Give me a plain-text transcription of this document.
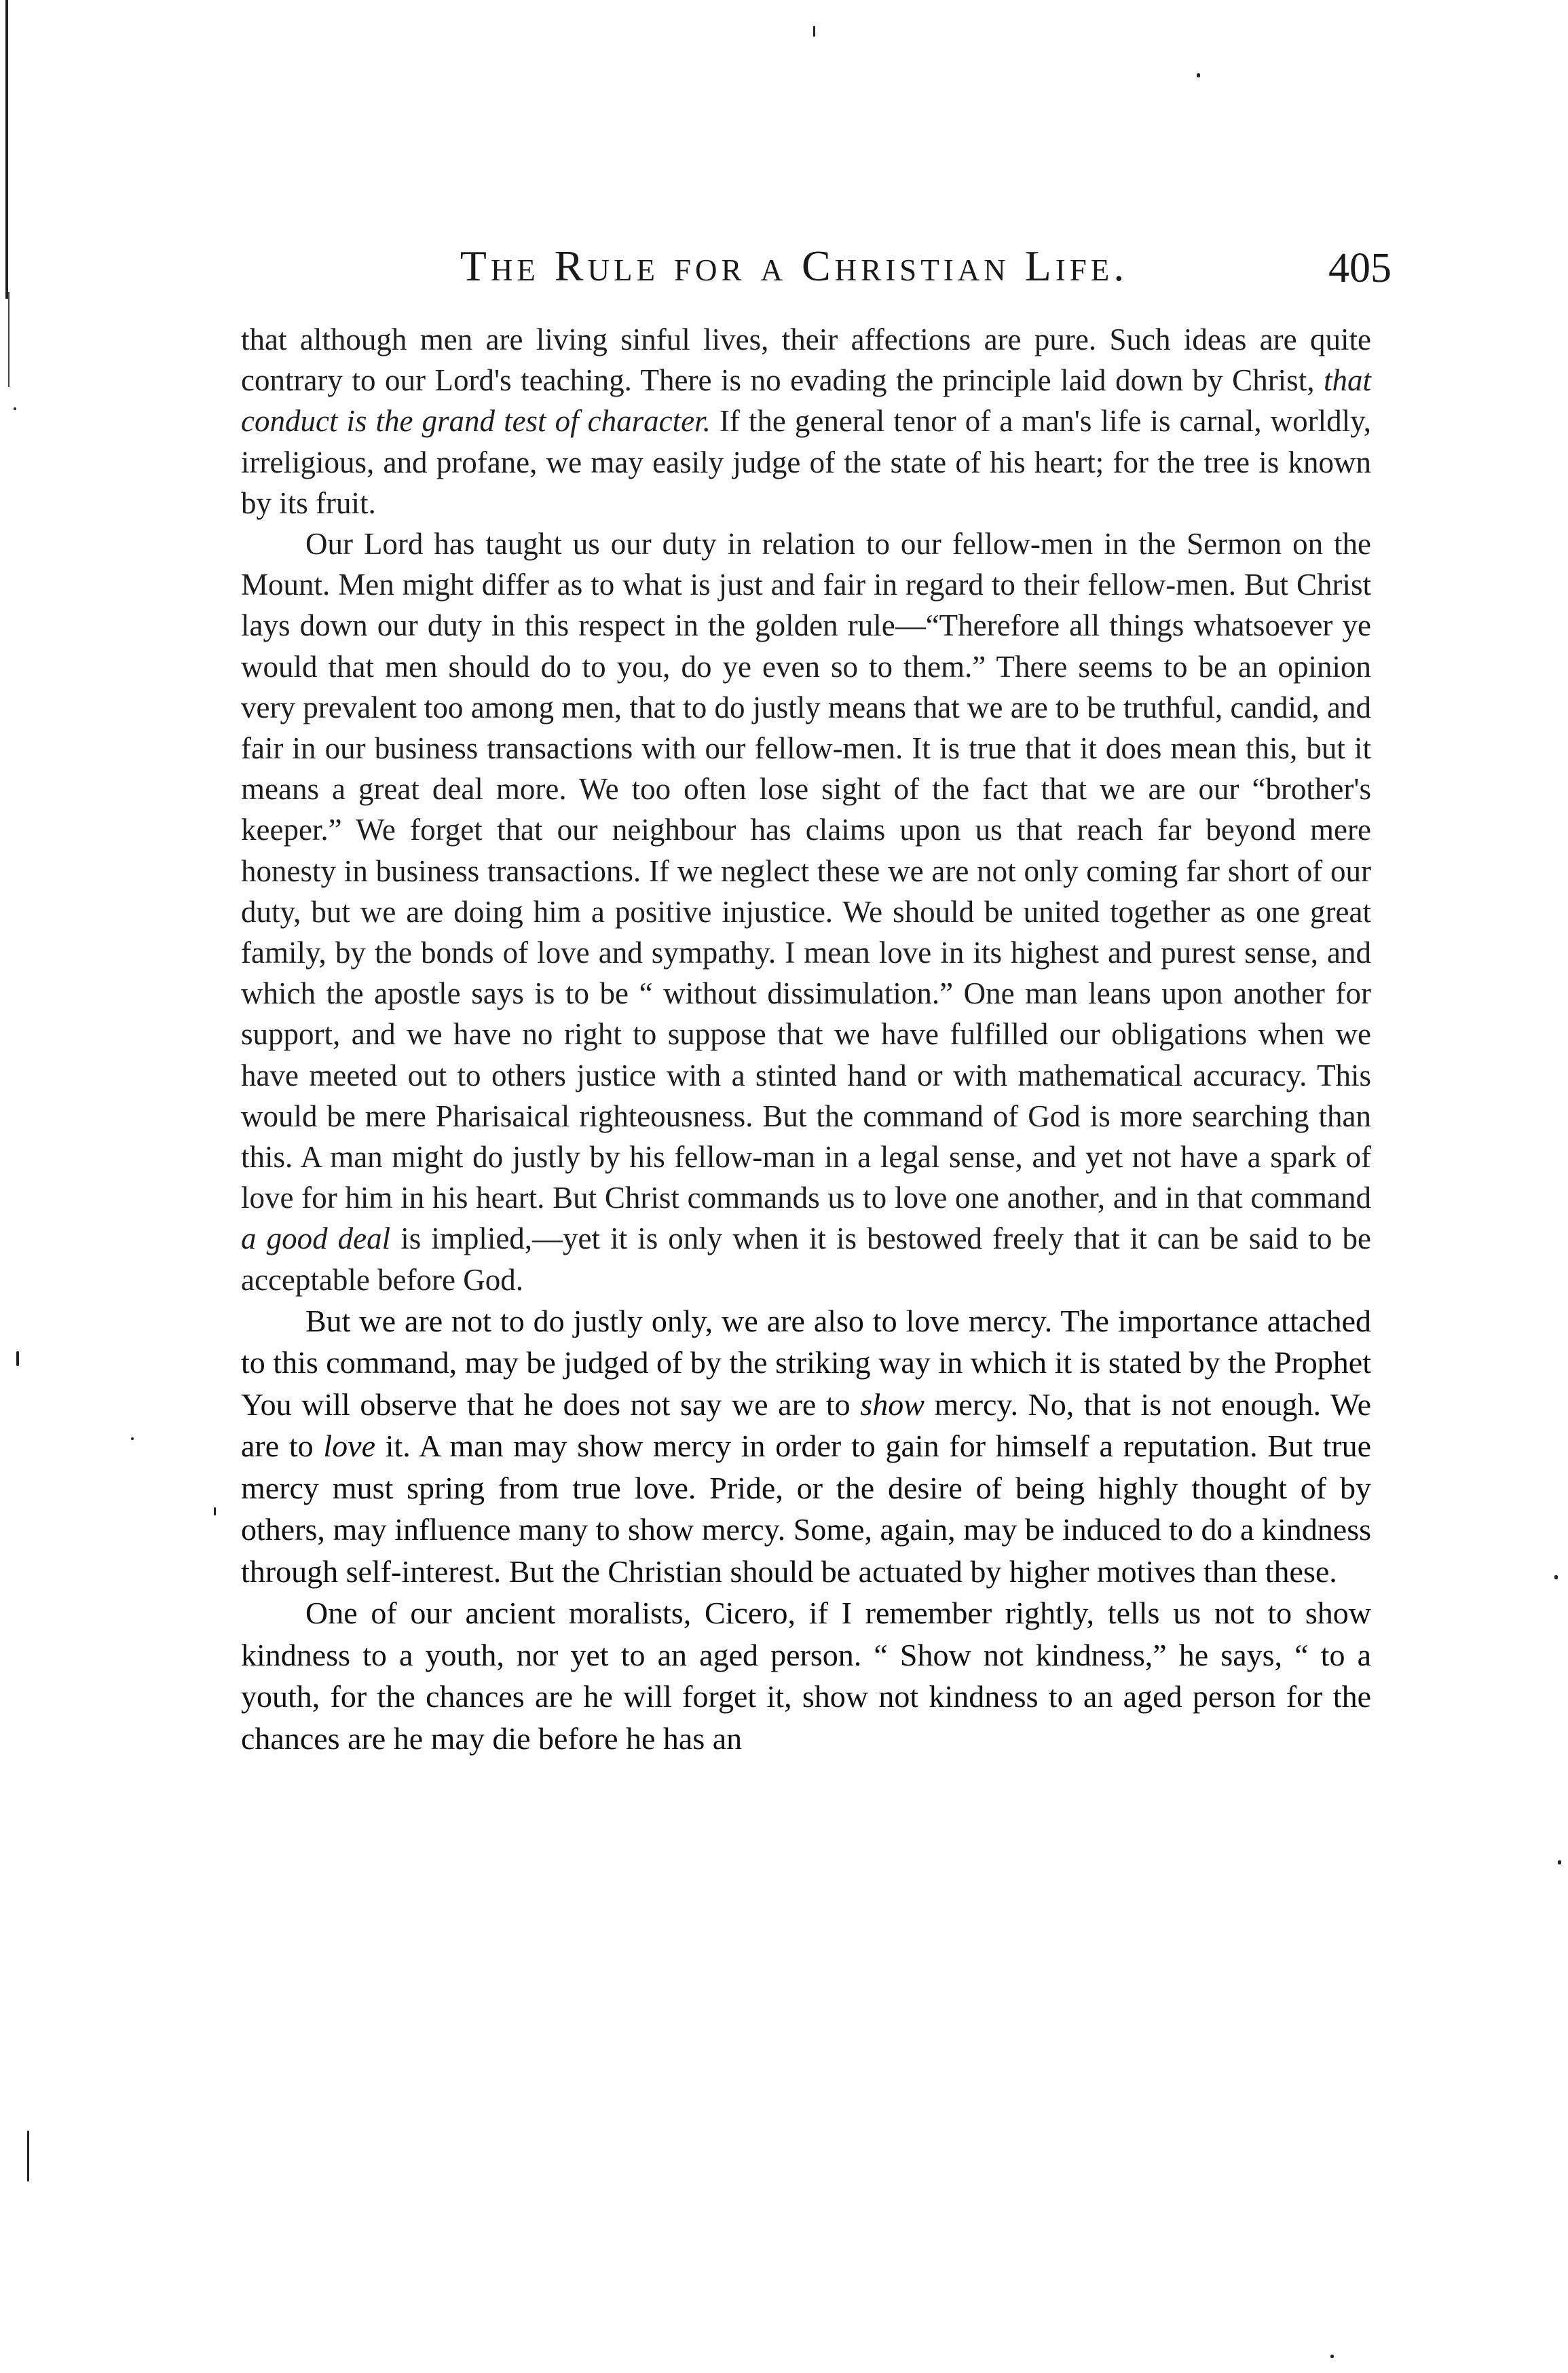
The Rule for a Christian Life.	405

that although men are living sinful lives, their affections are pure. Such ideas are quite contrary to our Lord's teaching. There is no evading the principle laid down by Christ, that conduct is the grand test of character. If the general tenor of a man's life is carnal, worldly, irreligious, and profane, we may easily judge of the state of his heart; for the tree is known by its fruit.

Our Lord has taught us our duty in relation to our fellow-men in the Sermon on the Mount. Men might differ as to what is just and fair in regard to their fellow-men. But Christ lays down our duty in this respect in the golden rule—“Therefore all things whatsoever ye would that men should do to you, do ye even so to them.” There seems to be an opinion very prevalent too among men, that to do justly means that we are to be truthful, candid, and fair in our business transactions with our fellow-men. It is true that it does mean this, but it means a great deal more. We too often lose sight of the fact that we are our “brother's keeper.” We forget that our neighbour has claims upon us that reach far beyond mere honesty in business transactions. If we neglect these we are not only coming far short of our duty, but we are doing him a positive injustice. We should be united together as one great family, by the bonds of love and sympathy. I mean love in its highest and purest sense, and which the apostle says is to be “ without dissimulation.” One man leans upon another for support, and we have no right to suppose that we have fulfilled our obligations when we have meeted out to others justice with a stinted hand or with mathematical accuracy. This would be mere Pharisaical righteousness. But the command of God is more searching than this. A man might do justly by his fellow-man in a legal sense, and yet not have a spark of love for him in his heart. But Christ commands us to love one another, and in that command a good deal is implied,—yet it is only when it is bestowed freely that it can be said to be acceptable before God.

But we are not to do justly only, we are also to love mercy. The importance attached to this command, may be judged of by the striking way in which it is stated by the Prophet You will observe that he does not say we are to show mercy. No, that is not enough. We are to love it. A man may show mercy in order to gain for himself a reputation. But true mercy must spring from true love. Pride, or the desire of being highly thought of by others, may influence many to show mercy. Some, again, may be induced to do a kindness through self-interest. But the Christian should be actuated by higher motives than these.

One of our ancient moralists, Cicero, if I remember rightly, tells us not to show kindness to a youth, nor yet to an aged person. “ Show not kindness,” he says, “ to a youth, for the chances are he will forget it, show not kindness to an aged person for the chances are he may die before he has an
